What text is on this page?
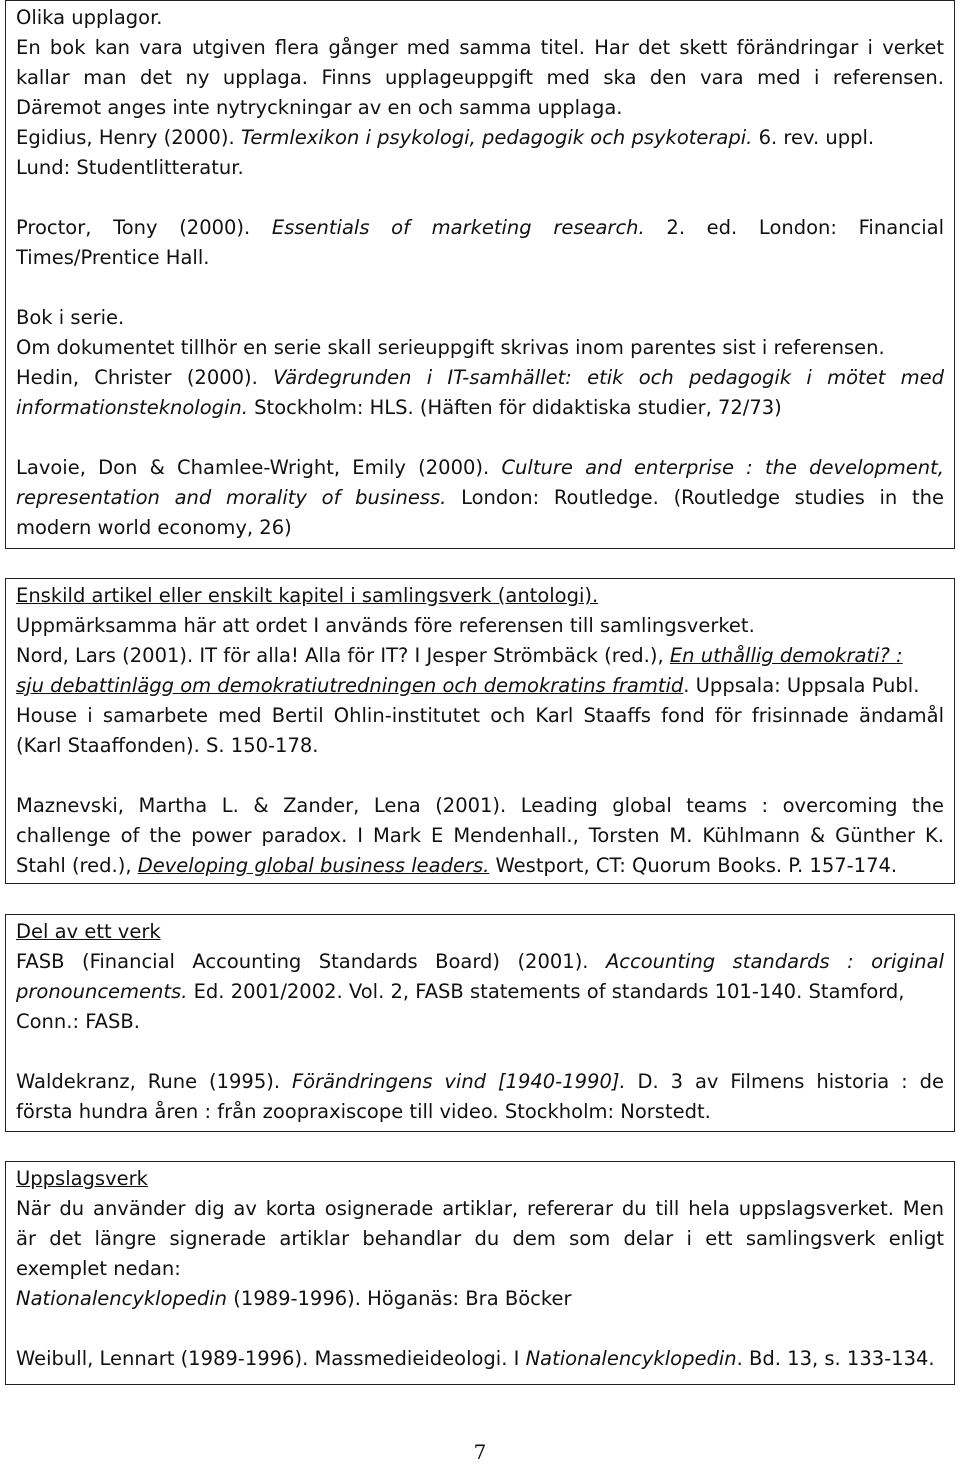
Olika upplagor.
En bok kan vara utgiven flera gånger med samma titel. Har det skett förändringar i verket
kallar man det ny upplaga. Finns upplageuppgift med ska den vara med i referensen.
Däremot anges inte nytryckningar av en och samma upplaga.
Egidius, Henry (2000). Termlexikon i psykologi, pedagogik och psykoterapi. 6. rev. uppl.
Lund: Studentlitteratur.
Proctor, Tony (2000). Essentials of marketing research. 2. ed. London: Financial
Times/Prentice Hall.
Bok i serie.
Om dokumentet tillhör en serie skall serieuppgift skrivas inom parentes sist i referensen.
Hedin, Christer (2000). Värdegrunden i IT-samhället: etik och pedagogik i mötet med
informationsteknologin. Stockholm: HLS. (Häften för didaktiska studier, 72/73)
Lavoie, Don & Chamlee-Wright, Emily (2000). Culture and enterprise : the development,
representation and morality of business. London: Routledge. (Routledge studies in the
modern world economy, 26)
Enskild artikel eller enskilt kapitel i samlingsverk (antologi).
Uppmärksamma här att ordet I används före referensen till samlingsverket.
Nord, Lars (2001). IT för alla! Alla för IT? I Jesper Strömbäck (red.), En uthållig demokrati? :
sju debattinlägg om demokratiutredningen och demokratins framtid. Uppsala: Uppsala Publ.
House i samarbete med Bertil Ohlin-institutet och Karl Staaffs fond för frisinnade ändamål
(Karl Staaffonden). S. 150-178.
Maznevski, Martha L. & Zander, Lena (2001). Leading global teams : overcoming the
challenge of the power paradox. I Mark E Mendenhall., Torsten M. Kühlmann & Günther K.
Stahl (red.), Developing global business leaders. Westport, CT: Quorum Books. P. 157-174.
Del av ett verk
FASB (Financial Accounting Standards Board) (2001). Accounting standards : original
pronouncements. Ed. 2001/2002. Vol. 2, FASB statements of standards 101-140. Stamford,
Conn.: FASB.
Waldekranz, Rune (1995). Förändringens vind [1940-1990]. D. 3 av Filmens historia : de
första hundra åren : från zoopraxiscope till video. Stockholm: Norstedt.
Uppslagsverk
När du använder dig av korta osignerade artiklar, refererar du till hela uppslagsverket. Men
är det längre signerade artiklar behandlar du dem som delar i ett samlingsverk enligt
exemplet nedan:
Nationalencyklopedin (1989-1996). Höganäs: Bra Böcker
Weibull, Lennart (1989-1996). Massmedieideologi. I Nationalencyklopedin. Bd. 13, s. 133-134.
7
